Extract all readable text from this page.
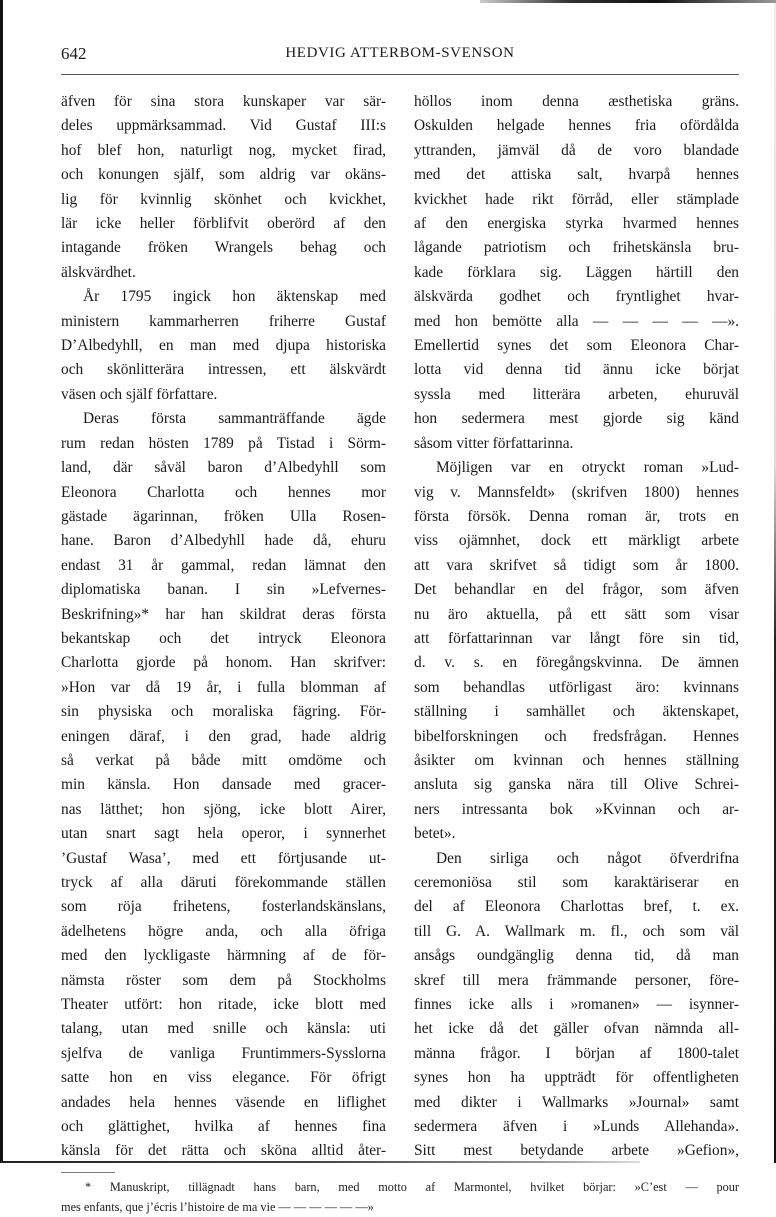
642	HEDVIG ATTERBOM-SVENSON
äfven för sina stora kunskaper var sär-
deles uppmärksammad. Vid Gustaf III:s
hof blef hon, naturligt nog, mycket firad,
och konungen själf, som aldrig var okäns-
lig för kvinnlig skönhet och kvickhet,
lär icke heller förblifvit oberörd af den
intagande fröken Wrangels behag och
älskvärdhet.
År 1795 ingick hon äktenskap med
ministern kammarherren friherre Gustaf
D’Albedyhll, en man med djupa historiska
och skönlitterära intressen, ett älskvärdt
väsen och själf författare.
Deras första sammanträffande ägde
rum redan hösten 1789 på Tistad i Sörm-
land, där såväl baron d’Albedyhll som
Eleonora Charlotta och hennes mor
gästade ägarinnan, fröken Ulla Rosen-
hane. Baron d’Albedyhll hade då, ehuru
endast 31 år gammal, redan lämnat den
diplomatiska banan. I sin »Lefvernes-
Beskrifning»* har han skildrat deras första
bekantskap och det intryck Eleonora
Charlotta gjorde på honom. Han skrifver:
»Hon var då 19 år, i fulla blomman af
sin physiska och moraliska fägring. För-
eningen däraf, i den grad, hade aldrig
så verkat på både mitt omdöme och
min känsla. Hon dansade med gracer-
nas lätthet; hon sjöng, icke blott Airer,
utan snart sagt hela operor, i synnerhet
’Gustaf Wasa’, med ett förtjusande ut-
tryck af alla däruti förekommande ställen
som röja frihetens, fosterlandskänslans,
ädelhetens högre anda, och alla öfriga
med den lyckligaste härmning af de för-
nämsta röster som dem på Stockholms
Theater utfört: hon ritade, icke blott med
talang, utan med snille och känsla: uti
sjelfva de vanliga Fruntimmers-Sysslorna
satte hon en viss elegance. För öfrigt
andades hela hennes väsende en liflighet
och glättighet, hvilka af hennes fina
känsla för det rätta och sköna alltid åter-
höllos inom denna æsthetiska gräns.
Oskulden helgade hennes fria ofördålda
yttranden, jämväl då de voro blandade
med det attiska salt, hvarpå hennes
kvickhet hade rikt förråd, eller stämplade
af den energiska styrka hvarmed hennes
lågande patriotism och frihetskänsla bru-
kade förklara sig. Läggen härtill den
älskvärda godhet och fryntlighet hvar-
med hon bemötte alla — — — — —».
Emellertid synes det som Eleonora Char-
lotta vid denna tid ännu icke börjat
syssla med litterära arbeten, ehuruväl
hon sedermera mest gjorde sig känd
såsom vitter författarinna.
Möjligen var en otryckt roman »Lud-
vig v. Mannsfeldt» (skrifven 1800) hennes
första försök. Denna roman är, trots en
viss ojämnhet, dock ett märkligt arbete
att vara skrifvet så tidigt som år 1800.
Det behandlar en del frågor, som äfven
nu äro aktuella, på ett sätt som visar
att författarinnan var långt före sin tid,
d. v. s. en föregångskvinna. De ämnen
som behandlas utförligast äro: kvinnans
ställning i samhället och äktenskapet,
bibelforskningen och fredsfrågan. Hennes
åsikter om kvinnan och hennes ställning
ansluta sig ganska nära till Olive Schrei-
ners intressanta bok »Kvinnan och ar-
betet».
Den sirliga och något öfverdrifna
ceremoniösa stil som karaktäriserar en
del af Eleonora Charlottas bref, t. ex.
till G. A. Wallmark m. fl., och som väl
ansågs oundgänglig denna tid, då man
skref till mera främmande personer, före-
finnes icke alls i »romanen» — isynner-
het icke då det gäller ofvan nämnda all-
männa frågor. I början af 1800-talet
synes hon ha uppträdt för offentligheten
med dikter i Wallmarks »Journal» samt
sedermera äfven i »Lunds Allehanda».
Sitt mest betydande arbete »Gefion»,
* Manuskript, tillägnadt hans barn, med motto af Marmontel, hvilket börjar: »C’est — pour
mes enfants, que j’écris l’histoire de ma vie — — — — — —»
